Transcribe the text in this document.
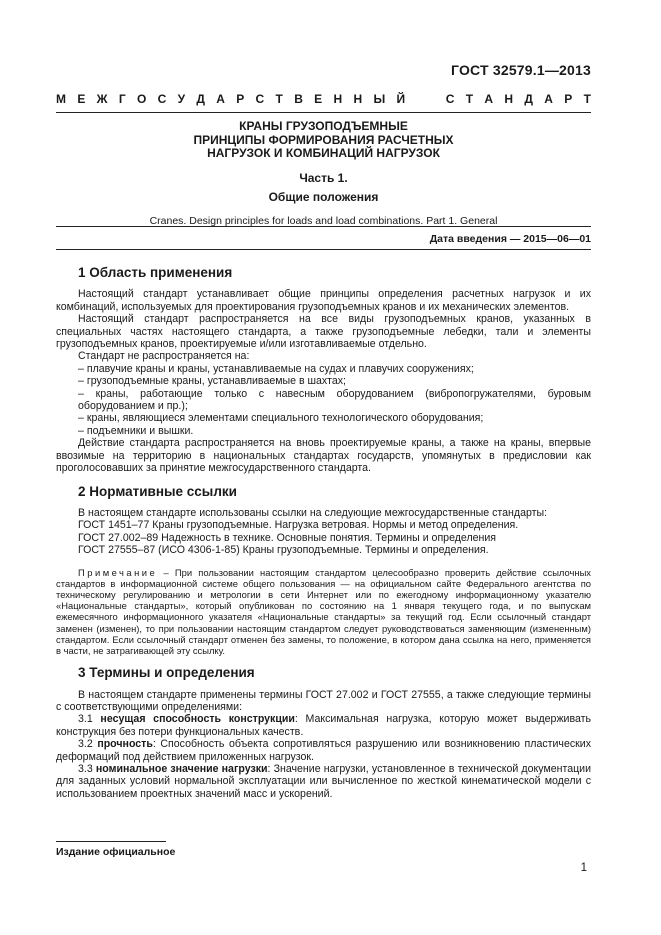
ГОСТ 32579.1—2013
М Е Ж Г О С У Д А Р С Т В Е Н Н Ы Й	С Т А Н Д А Р Т
КРАНЫ ГРУЗОПОДЪЕМНЫЕ
ПРИНЦИПЫ ФОРМИРОВАНИЯ РАСЧЕТНЫХ
НАГРУЗОК И КОМБИНАЦИЙ НАГРУЗОК
Часть 1.
Общие положения
Cranes. Design principles for loads and load combinations. Part 1. General
Дата введения — 2015—06—01
1 Область применения

Настоящий стандарт устанавливает общие принципы определения расчетных нагрузок и их комбинаций, используемых для проектирования грузоподъемных кранов и их механических элементов.

Настоящий стандарт распространяется на все виды грузоподъемных кранов, указанных в специальных частях настоящего стандарта, а также грузоподъемные лебедки, тали и элементы грузоподъемных кранов, проектируемые и/или изготавливаемые отдельно.

Стандарт не распространяется на:

– плавучие краны и краны, устанавливаемые на судах и плавучих сооружениях;

– грузоподъемные краны, устанавливаемые в шахтах;

– краны, работающие только с навесным оборудованием (вибропогружателями, буровым оборудованием и пр.);

– краны, являющиеся элементами специального технологического оборудования;

– подъемники и вышки.

Действие стандарта распространяется на вновь проектируемые краны, а также на краны, впервые ввозимые на территорию в национальных стандартах государств, упомянутых в предисловии как проголосовавших за принятие межгосударственного стандарта.

2 Нормативные ссылки

В настоящем стандарте использованы ссылки на следующие межгосударственные стандарты:

ГОСТ 1451–77 Краны грузоподъемные. Нагрузка ветровая. Нормы и метод определения.

ГОСТ 27.002–89 Надежность в технике. Основные понятия. Термины и определения

ГОСТ 27555–87 (ИСО 4306-1-85) Краны грузоподъемные. Термины и определения.

Примечание – При пользовании настоящим стандартом целесообразно проверить действие ссылочных стандартов в информационной системе общего пользования — на официальном сайте Федерального агентства по техническому регулированию и метрологии в сети Интернет или по ежегодному информационному указателю «Национальные стандарты», который опубликован по состоянию на 1 января текущего года, и по выпускам ежемесячного информационного указателя «Национальные стандарты» за текущий год. Если ссылочный стандарт заменен (изменен), то при пользовании настоящим стандартом следует руководствоваться заменяющим (измененным) стандартом. Если ссылочный стандарт отменен без замены, то положение, в котором дана ссылка на него, применяется в части, не затрагивающей эту ссылку.

3 Термины и определения

В настоящем стандарте применены термины ГОСТ 27.002 и ГОСТ 27555, а также следующие термины с соответствующими определениями:

3.1 несущая способность конструкции: Максимальная нагрузка, которую может выдерживать конструкция без потери функциональных качеств.

3.2 прочность: Способность объекта сопротивляться разрушению или возникновению пластических деформаций под действием приложенных нагрузок.

3.3 номинальное значение нагрузки: Значение нагрузки, установленное в технической документации для заданных условий нормальной эксплуатации или вычисленное по жесткой кинематической модели с использованием проектных значений масс и ускорений.

Издание официальное
1
